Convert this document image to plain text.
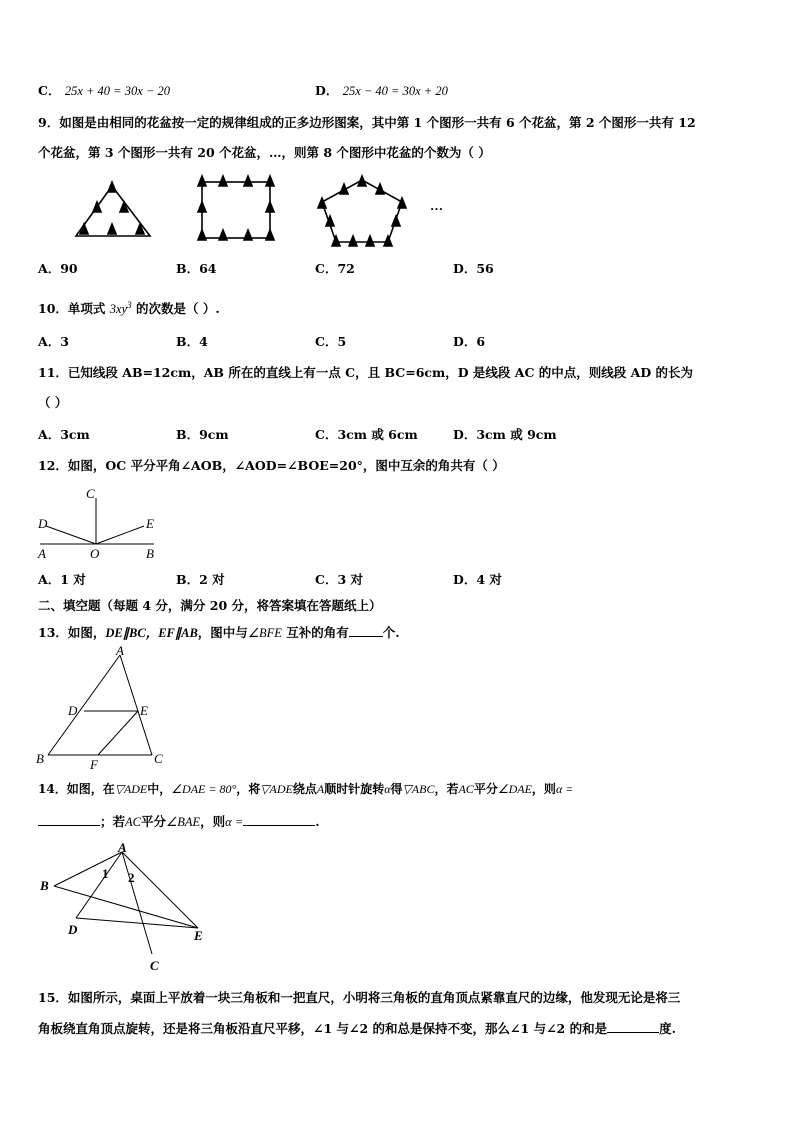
C． 25x + 40 = 30x − 20	D． 25x − 40 = 30x + 20
9．如图是由相同的花盆按一定的规律组成的正多边形图案，其中第 1 个图形一共有 6 个花盆，第 2 个图形一共有 12
个花盆，第 3 个图形一共有 20 个花盆，…，则第 8 个图形中花盆的个数为（ ）
…
A．90	B．64	C．72	D．56
10．单项式 $3xy^3$ 的次数是（ ）.
A．3	B．4	C．5	D．6
11．已知线段 AB=12cm，AB 所在的直线上有一点 C，且 BC=6cm，D 是线段 AC 的中点，则线段 AD 的长为
（ ）
A．3cm	B．9cm	C．3cm 或 6cm	D．3cm 或 9cm
12．如图，OC 平分平角∠AOB，∠AOD=∠BOE=20°，图中互余的角共有（ ）
C
D	E
A	O	B
A．1 对	B．2 对	C．3 对	D．4 对
二、填空题（每题 4 分，满分 20 分，将答案填在答题纸上）
13．如图，DE∥BC，EF∥AB，图中与∠BFE 互补的角有	个.
A
D	E
B	F	C
14．如图，在▽ADE中，∠DAE = 80°，将▽ADE绕点A顺时针旋转α得▽ABC，若AC平分∠DAE，则α =
；若AC平分∠BAE，则α =	.
A
B
D	E
C
1 2
15．如图所示，桌面上平放着一块三角板和一把直尺，小明将三角板的直角顶点紧靠直尺的边缘，他发现无论是将三
角板绕直角顶点旋转，还是将三角板沿直尺平移，∠1 与∠2 的和总是保持不变，那么∠1 与∠2 的和是	度.
